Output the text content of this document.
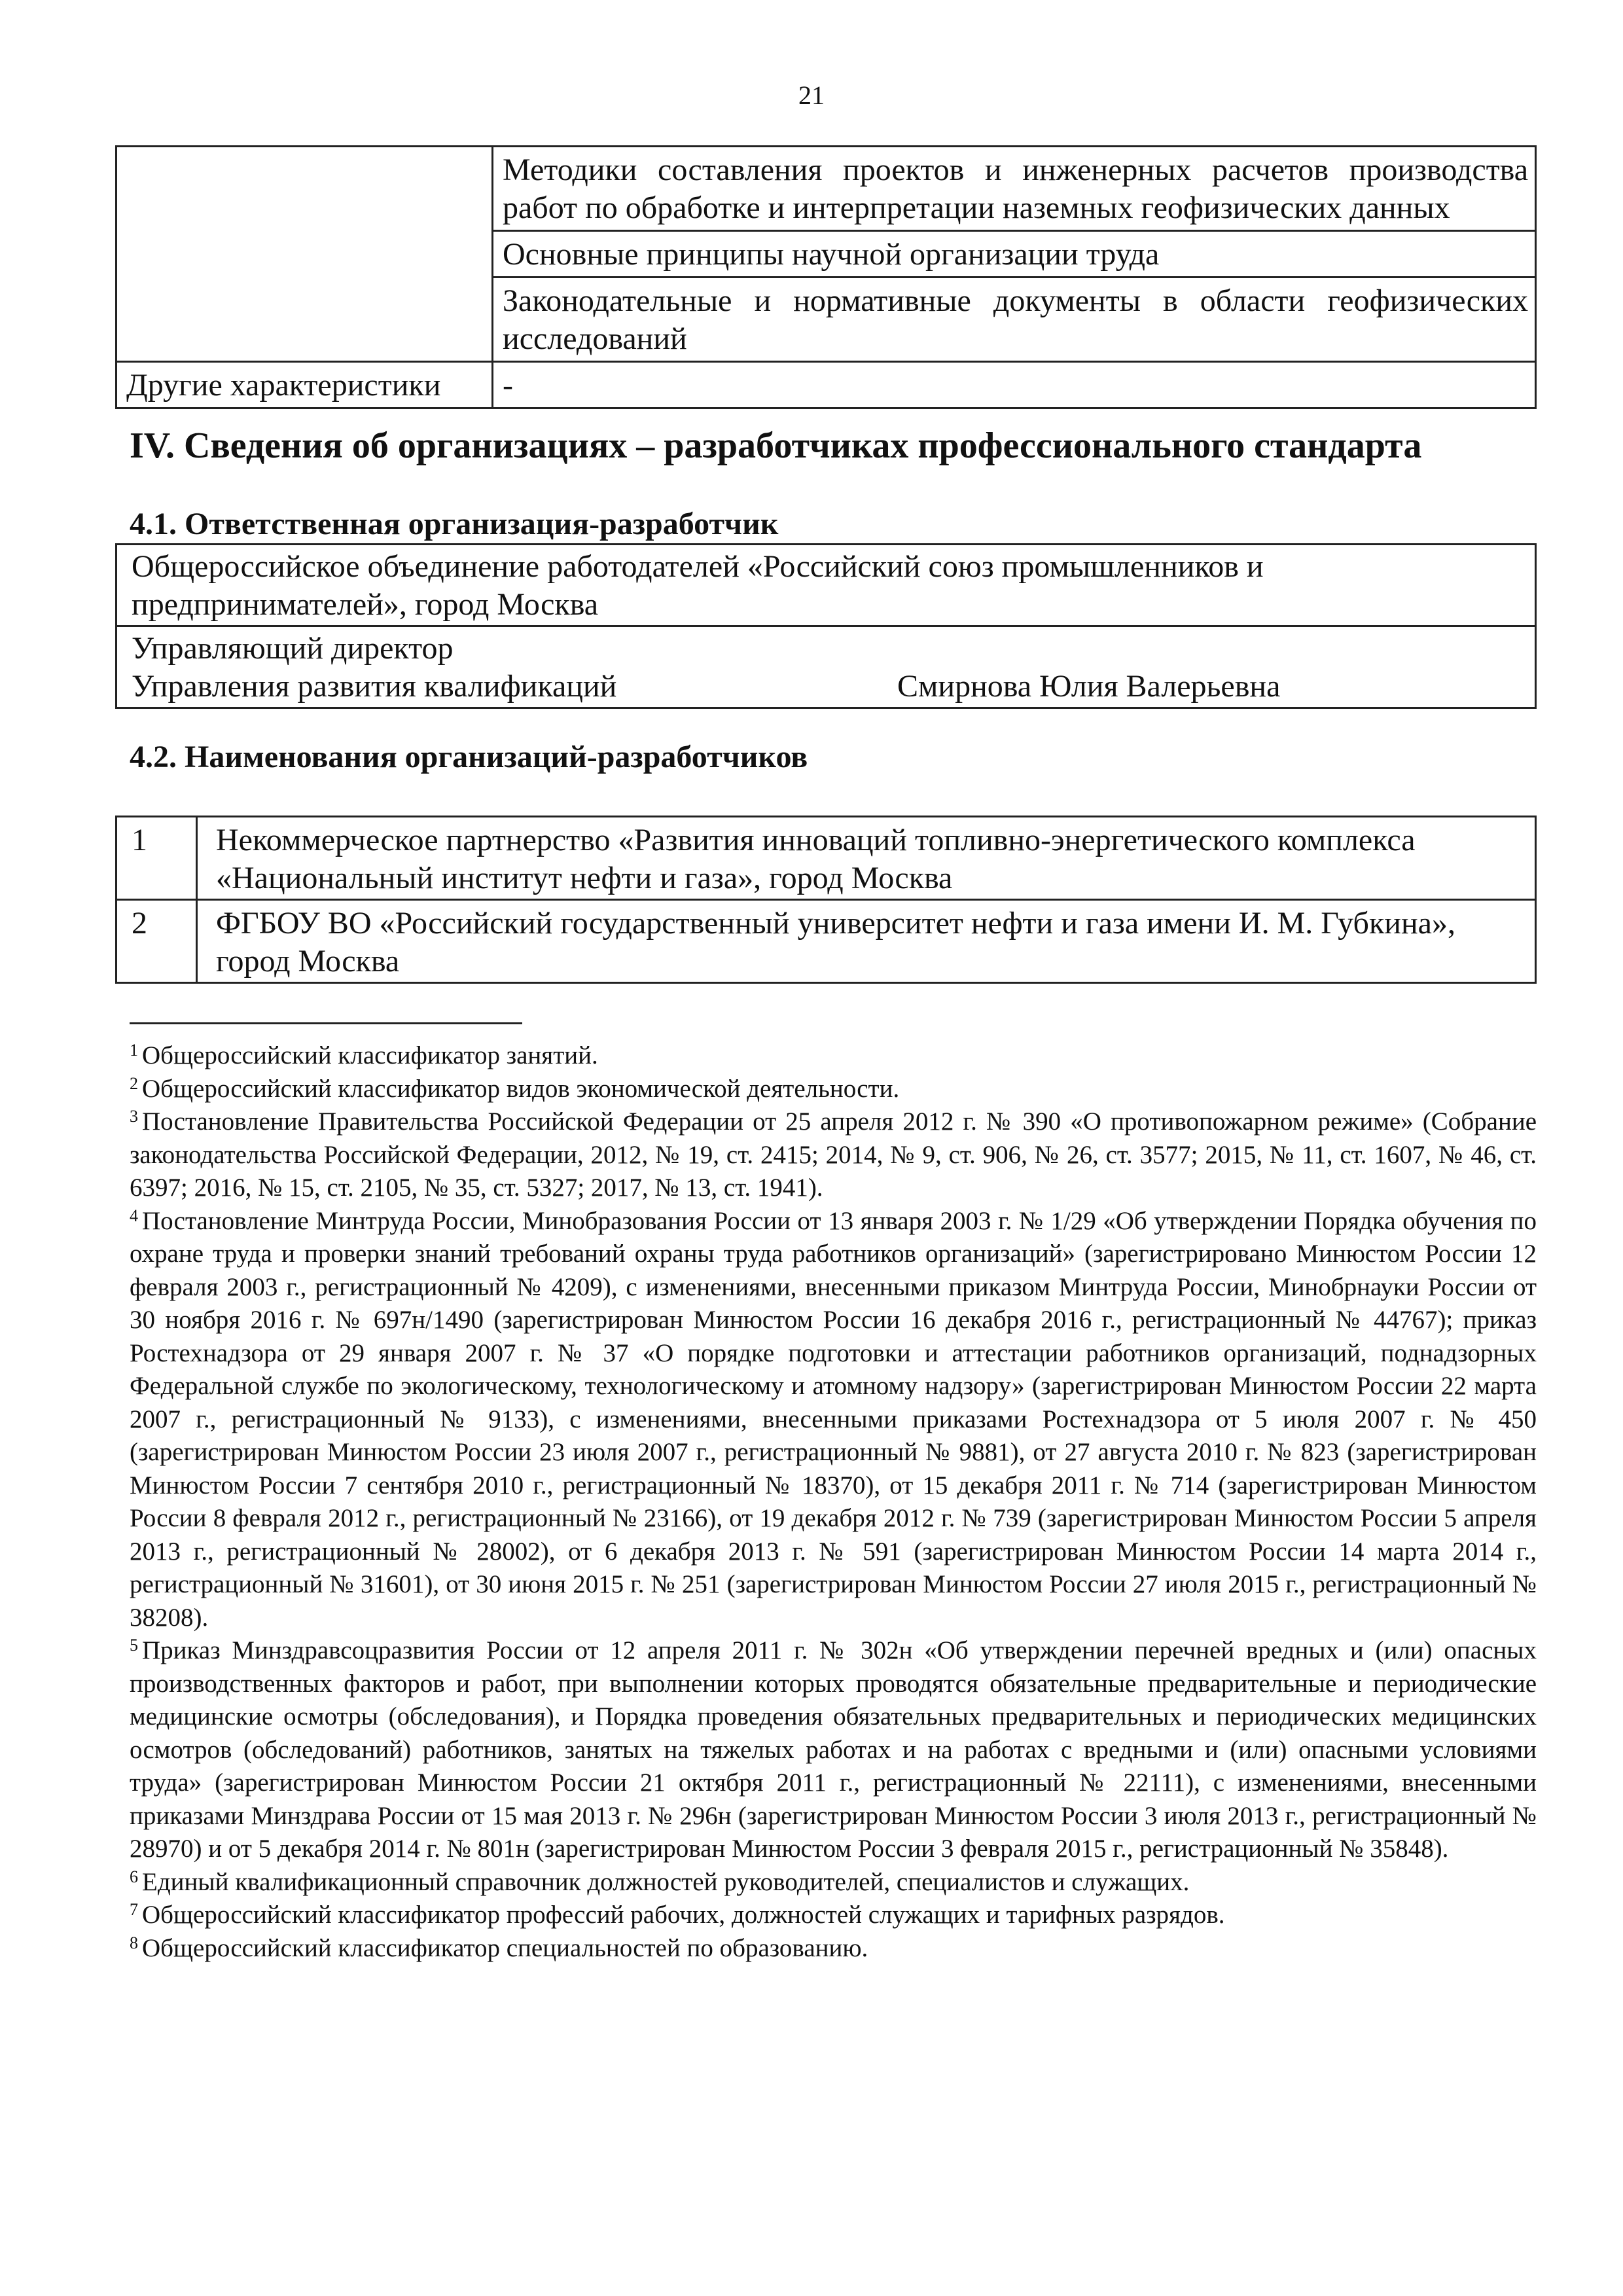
21
	Методики составления проектов и инженерных расчетов производства работ по обработке и интерпретации наземных геофизических данных
	Основные принципы научной организации труда
	Законодательные и нормативные документы в области геофизических исследований
Другие характеристики	-
IV. Сведения об организациях – разработчиках профессионального стандарта
4.1. Ответственная организация-разработчик
Общероссийское объединение работодателей «Российский союз промышленников и предпринимателей», город Москва

Управляющий директор
Управления развития квалификаций	Смирнова Юлия Валерьевна
4.2. Наименования организаций-разработчиков
1	Некоммерческое партнерство «Развития инноваций топливно-энергетического комплекса «Национальный институт нефти и газа», город Москва
2	ФГБОУ ВО «Российский государственный университет нефти и газа имени И. М. Губкина», город Москва

$^1$ Общероссийский классификатор занятий.

$^2$ Общероссийский классификатор видов экономической деятельности.

$^3$ Постановление Правительства Российской Федерации от 25 апреля 2012 г. № 390 «О противопожарном режиме» (Собрание законодательства Российской Федерации, 2012, № 19, ст. 2415; 2014, № 9, ст. 906, № 26, ст. 3577; 2015, № 11, ст. 1607, № 46, ст. 6397; 2016, № 15, ст. 2105, № 35, ст. 5327; 2017, № 13, ст. 1941).

$^4$ Постановление Минтруда России, Минобразования России от 13 января 2003 г. № 1/29 «Об утверждении Порядка обучения по охране труда и проверки знаний требований охраны труда работников организаций» (зарегистрировано Минюстом России 12 февраля 2003 г., регистрационный № 4209), с изменениями, внесенными приказом Минтруда России, Минобрнауки России от 30 ноября 2016 г. № 697н/1490 (зарегистрирован Минюстом России 16 декабря 2016 г., регистрационный № 44767); приказ Ростехнадзора от 29 января 2007 г. № 37 «О порядке подготовки и аттестации работников организаций, поднадзорных Федеральной службе по экологическому, технологическому и атомному надзору» (зарегистрирован Минюстом России 22 марта 2007 г., регистрационный № 9133), с изменениями, внесенными приказами Ростехнадзора от 5 июля 2007 г. № 450 (зарегистрирован Минюстом России 23 июля 2007 г., регистрационный № 9881), от 27 августа 2010 г. № 823 (зарегистрирован Минюстом России 7 сентября 2010 г., регистрационный № 18370), от 15 декабря 2011 г. № 714 (зарегистрирован Минюстом России 8 февраля 2012 г., регистрационный № 23166), от 19 декабря 2012 г. № 739 (зарегистрирован Минюстом России 5 апреля 2013 г., регистрационный № 28002), от 6 декабря 2013 г. № 591 (зарегистрирован Минюстом России 14 марта 2014 г., регистрационный № 31601), от 30 июня 2015 г. № 251 (зарегистрирован Минюстом России 27 июля 2015 г., регистрационный № 38208).

$^5$ Приказ Минздравсоцразвития России от 12 апреля 2011 г. № 302н «Об утверждении перечней вредных и (или) опасных производственных факторов и работ, при выполнении которых проводятся обязательные предварительные и периодические медицинские осмотры (обследования), и Порядка проведения обязательных предварительных и периодических медицинских осмотров (обследований) работников, занятых на тяжелых работах и на работах с вредными и (или) опасными условиями труда» (зарегистрирован Минюстом России 21 октября 2011 г., регистрационный № 22111), с изменениями, внесенными приказами Минздрава России от 15 мая 2013 г. № 296н (зарегистрирован Минюстом России 3 июля 2013 г., регистрационный № 28970) и от 5 декабря 2014 г. № 801н (зарегистрирован Минюстом России 3 февраля 2015 г., регистрационный № 35848).

$^6$ Единый квалификационный справочник должностей руководителей, специалистов и служащих.

$^7$ Общероссийский классификатор профессий рабочих, должностей служащих и тарифных разрядов.

$^8$ Общероссийский классификатор специальностей по образованию.
